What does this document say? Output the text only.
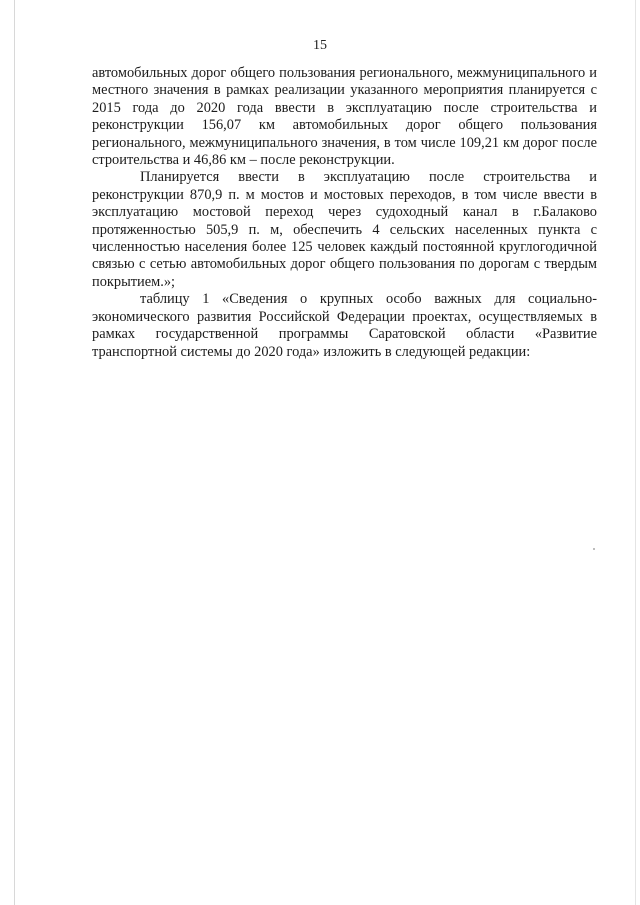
15

автомобильных дорог общего пользования регионального, межмуниципального и местного значения в рамках реализации указанного мероприятия планируется с 2015 года до 2020 года ввести в эксплуатацию после строительства и реконструкции 156,07 км автомобильных дорог общего пользования регионального, межмуниципального значения, в том числе 109,21 км дорог после строительства и 46,86 км – после реконструкции.

Планируется ввести в эксплуатацию после строительства и реконструкции 870,9 п. м мостов и мостовых переходов, в том числе ввести в эксплуатацию мостовой переход через судоходный канал в г.Балаково протяженностью 505,9 п. м, обеспечить 4 сельских населенных пункта с численностью населения более 125 человек каждый постоянной круглогодичной связью с сетью автомобильных дорог общего пользования по дорогам с твердым покрытием.»;

таблицу 1 «Сведения о крупных особо важных для социально-экономического развития Российской Федерации проектах, осуществляемых в рамках государственной программы Саратовской области «Развитие транспортной системы до 2020 года» изложить в следующей редакции:
